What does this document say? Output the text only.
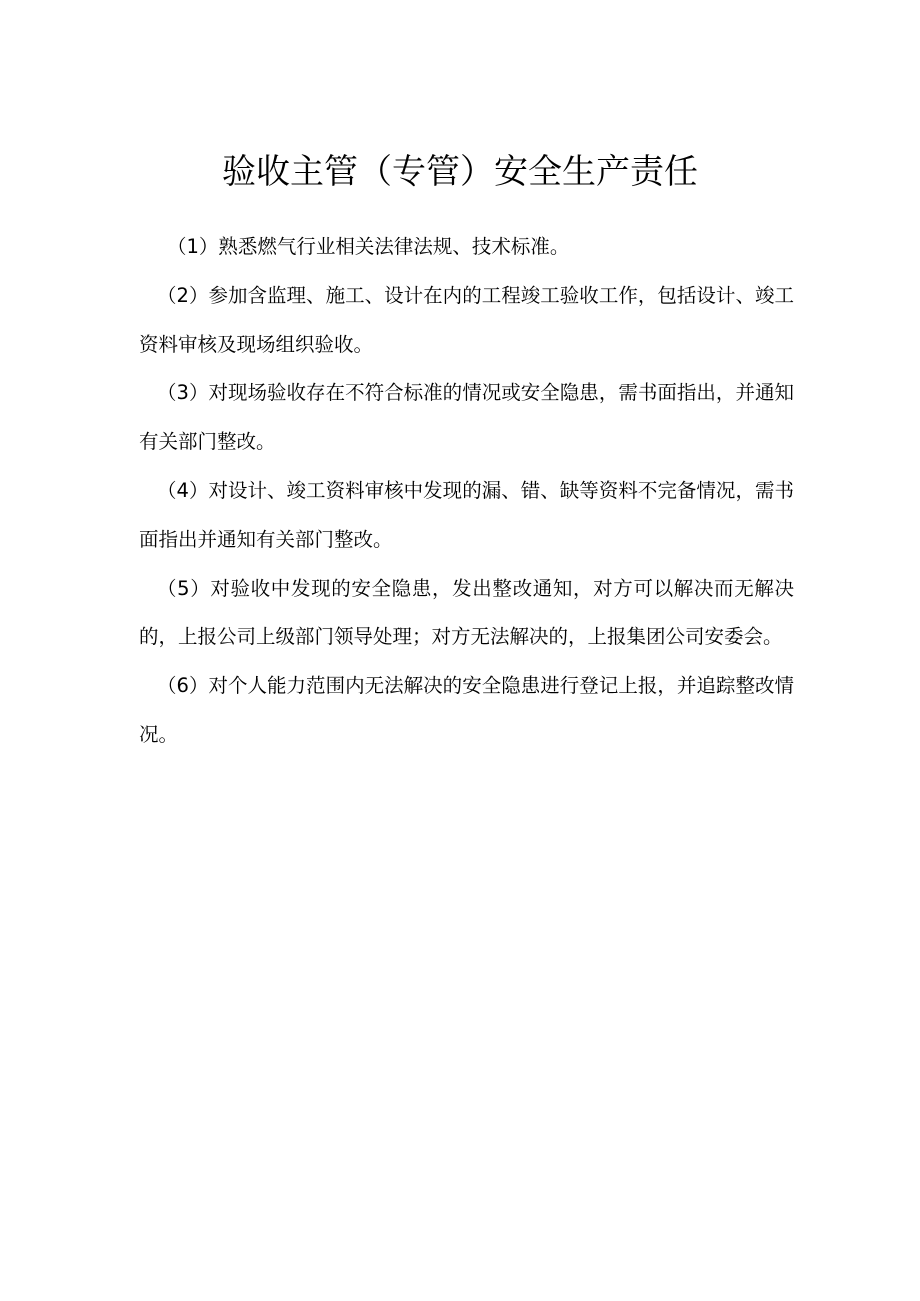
验收主管（专管）安全生产责任

（1）熟悉燃气行业相关法律法规、技术标准。

（2）参加含监理、施工、设计在内的工程竣工验收工作，包括设计、竣工资料审核及现场组织验收。

（3）对现场验收存在不符合标准的情况或安全隐患，需书面指出，并通知有关部门整改。

（4）对设计、竣工资料审核中发现的漏、错、缺等资料不完备情况，需书面指出并通知有关部门整改。

（5）对验收中发现的安全隐患，发出整改通知，对方可以解决而无解决的，上报公司上级部门领导处理；对方无法解决的，上报集团公司安委会。

（6）对个人能力范围内无法解决的安全隐患进行登记上报，并追踪整改情况。
